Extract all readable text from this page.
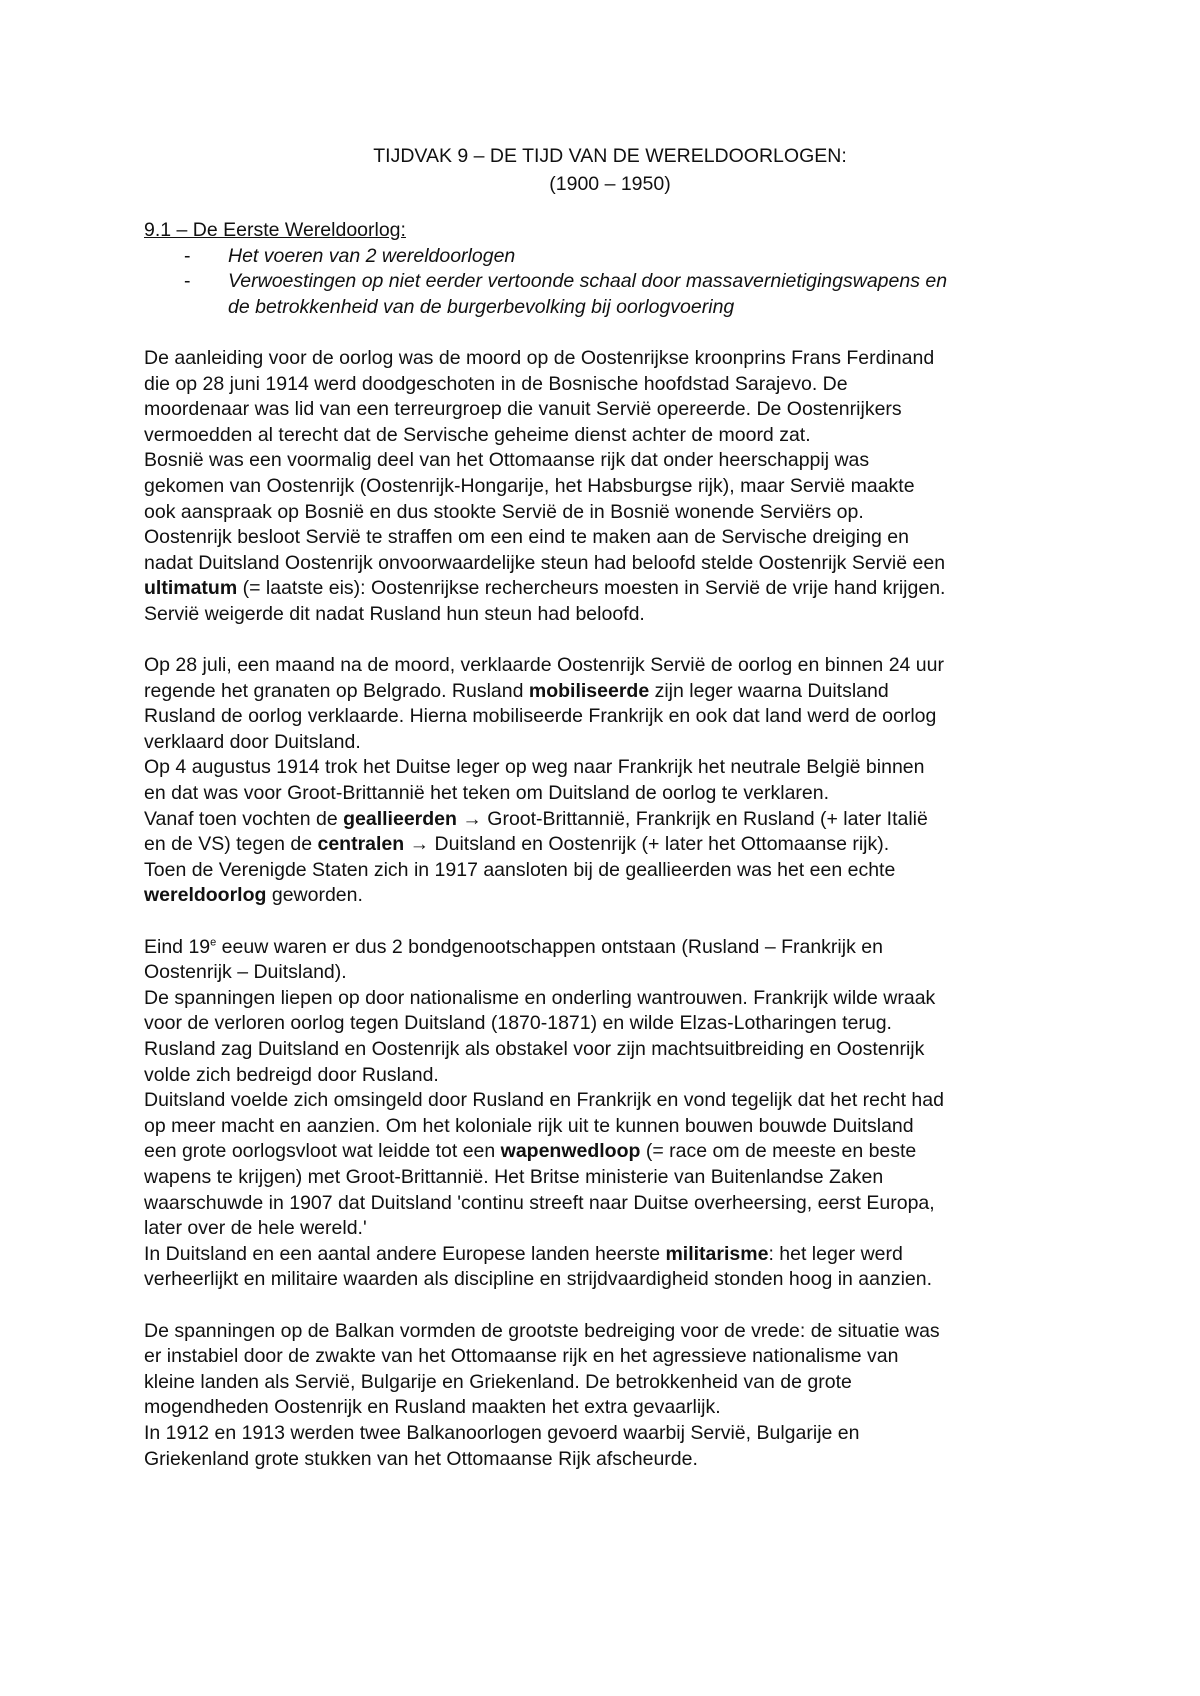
TIJDVAK 9 – DE TIJD VAN DE WERELDOORLOGEN:
(1900 – 1950)
9.1 – De Eerste Wereldoorlog:
-	Het voeren van 2 wereldoorlogen
-	Verwoestingen op niet eerder vertoonde schaal door massavernietigingswapens en
de betrokkenheid van de burgerbevolking bij oorlogvoering
De aanleiding voor de oorlog was de moord op de Oostenrijkse kroonprins Frans Ferdinand
die op 28 juni 1914 werd doodgeschoten in de Bosnische hoofdstad Sarajevo. De
moordenaar was lid van een terreurgroep die vanuit Servië opereerde. De Oostenrijkers
vermoedden al terecht dat de Servische geheime dienst achter de moord zat.
Bosnië was een voormalig deel van het Ottomaanse rijk dat onder heerschappij was
gekomen van Oostenrijk (Oostenrijk-Hongarije, het Habsburgse rijk), maar Servië maakte
ook aanspraak op Bosnië en dus stookte Servië de in Bosnië wonende Serviërs op.
Oostenrijk besloot Servië te straffen om een eind te maken aan de Servische dreiging en
nadat Duitsland Oostenrijk onvoorwaardelijke steun had beloofd stelde Oostenrijk Servië een
ultimatum (= laatste eis): Oostenrijkse rechercheurs moesten in Servië de vrije hand krijgen.
Servië weigerde dit nadat Rusland hun steun had beloofd.
Op 28 juli, een maand na de moord, verklaarde Oostenrijk Servië de oorlog en binnen 24 uur
regende het granaten op Belgrado. Rusland mobiliseerde zijn leger waarna Duitsland
Rusland de oorlog verklaarde. Hierna mobiliseerde Frankrijk en ook dat land werd de oorlog
verklaard door Duitsland.
Op 4 augustus 1914 trok het Duitse leger op weg naar Frankrijk het neutrale België binnen
en dat was voor Groot-Brittannië het teken om Duitsland de oorlog te verklaren.
Vanaf toen vochten de geallieerden → Groot-Brittannië, Frankrijk en Rusland (+ later Italië
en de VS) tegen de centralen → Duitsland en Oostenrijk (+ later het Ottomaanse rijk).
Toen de Verenigde Staten zich in 1917 aansloten bij de geallieerden was het een echte
wereldoorlog geworden.
Eind 19e eeuw waren er dus 2 bondgenootschappen ontstaan (Rusland – Frankrijk en
Oostenrijk – Duitsland).
De spanningen liepen op door nationalisme en onderling wantrouwen. Frankrijk wilde wraak
voor de verloren oorlog tegen Duitsland (1870-1871) en wilde Elzas-Lotharingen terug.
Rusland zag Duitsland en Oostenrijk als obstakel voor zijn machtsuitbreiding en Oostenrijk
volde zich bedreigd door Rusland.
Duitsland voelde zich omsingeld door Rusland en Frankrijk en vond tegelijk dat het recht had
op meer macht en aanzien. Om het koloniale rijk uit te kunnen bouwen bouwde Duitsland
een grote oorlogsvloot wat leidde tot een wapenwedloop (= race om de meeste en beste
wapens te krijgen) met Groot-Brittannië. Het Britse ministerie van Buitenlandse Zaken
waarschuwde in 1907 dat Duitsland 'continu streeft naar Duitse overheersing, eerst Europa,
later over de hele wereld.'
In Duitsland en een aantal andere Europese landen heerste militarisme: het leger werd
verheerlijkt en militaire waarden als discipline en strijdvaardigheid stonden hoog in aanzien.
De spanningen op de Balkan vormden de grootste bedreiging voor de vrede: de situatie was
er instabiel door de zwakte van het Ottomaanse rijk en het agressieve nationalisme van
kleine landen als Servië, Bulgarije en Griekenland. De betrokkenheid van de grote
mogendheden Oostenrijk en Rusland maakten het extra gevaarlijk.
In 1912 en 1913 werden twee Balkanoorlogen gevoerd waarbij Servië, Bulgarije en
Griekenland grote stukken van het Ottomaanse Rijk afscheurde.
